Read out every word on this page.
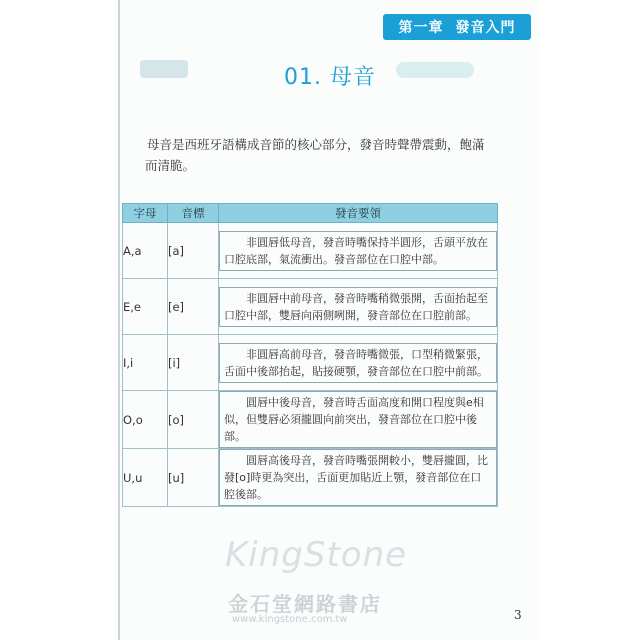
第一章 發音入門
01. 母音
母音是西班牙語構成音節的核心部分，發音時聲帶震動，飽滿而清脆。
字母	音標	發音要領
A,a	[a]	非圓唇低母音，發音時嘴保持半圓形，舌頭平放在口腔底部，氣流衝出。發音部位在口腔中部。

E,e	[e]	非圓唇中前母音，發音時嘴稍微張開，舌面抬起至口腔中部，雙唇向兩側咧開，發音部位在口腔前部。

I,i	[i]	非圓唇高前母音，發音時嘴微張，口型稍微緊張，舌面中後部抬起，貼接硬顎，發音部位在口腔中前部。

O,o	[o]	圓唇中後母音，發音時舌面高度和開口程度與e相似，但雙唇必須攏圓向前突出，發音部位在口腔中後部。

U,u	[u]	圓唇高後母音，發音時嘴張開較小，雙唇攏圓，比發[o]時更為突出，舌面更加貼近上顎，發音部位在口腔後部。
KingStone
金石堂網路書店
www.kingstone.com.tw	3
